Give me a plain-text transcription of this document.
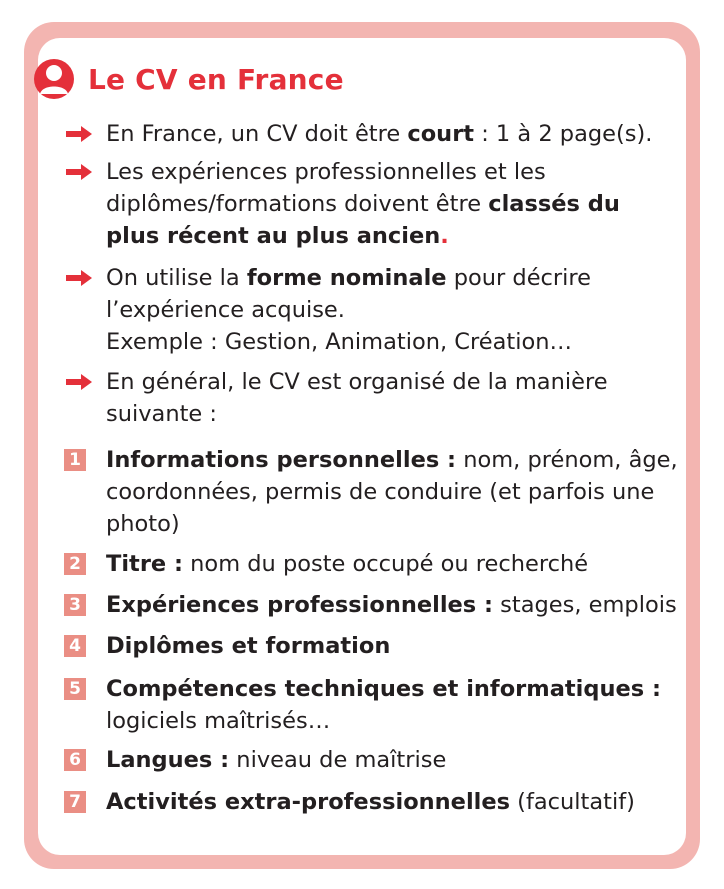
Le CV en France
En France, un CV doit être court : 1 à 2 page(s).
Les expériences professionnelles et les diplômes/formations doivent être classés du plus récent au plus ancien.
On utilise la forme nominale pour décrire l’expérience acquise.
Exemple : Gestion, Animation, Création…
En général, le CV est organisé de la manière suivante :
1 Informations personnelles : nom, prénom, âge, coordonnées, permis de conduire (et parfois une photo)
2 Titre : nom du poste occupé ou recherché
3 Expériences professionnelles : stages, emplois
4 Diplômes et formation
5 Compétences techniques et informatiques : logiciels maîtrisés…
6 Langues : niveau de maîtrise
7 Activités extra-professionnelles (facultatif)
